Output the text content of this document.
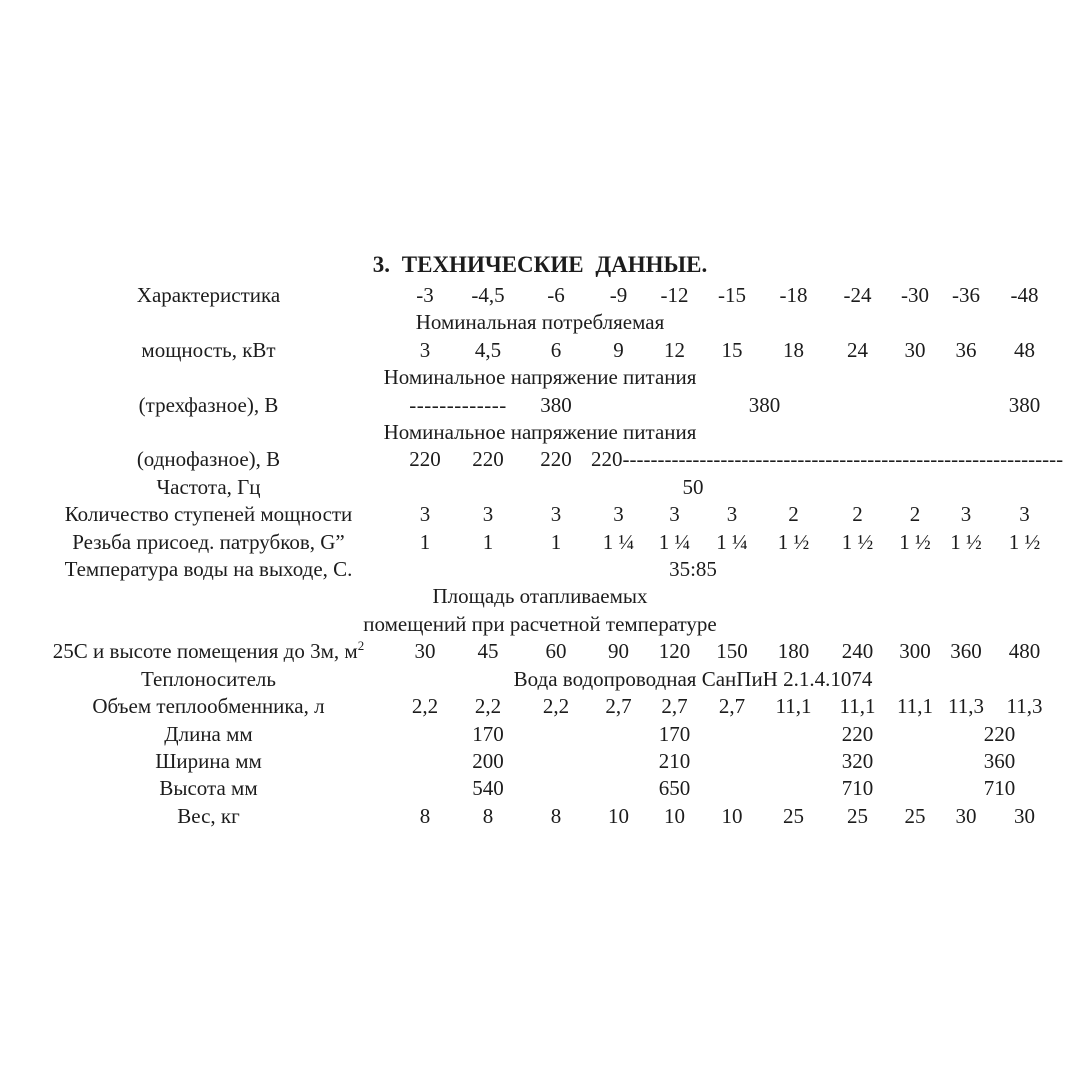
3. ТЕХНИЧЕСКИЕ ДАННЫЕ.
Характеристика	-3	-4,5	-6	-9	-12	-15	-18	-24	-30	-36	-48
Номинальная потребляемая											
мощность, кВт	3	4,5	6	9	12	15	18	24	30	36	48
Номинальное напряжение питания											
(трехфазное), В	-------------		380			380					380
Номинальное напряжение питания											
(однофазное), В	220	220	220	220---------------------------------------------------------------							
Частота, Гц	50										
Количество ступеней мощности	3	3	3	3	3	3	2	2	2	3	3
Резьба присоед. патрубков, G”	1	1	1	1 ¼	1 ¼	1 ¼	1 ½	1 ½	1 ½	1 ½	1 ½
Температура воды на выходе, С.	35:85										
Площадь отапливаемых											
помещений при расчетной температуре											
25С и высоте помещения до 3м, $м^2$	30	45	60	90	120	150	180	240	300	360	480
Теплоноситель	Вода водопроводная СанПиН 2.1.4.1074										
Объем теплообменника, л	2,2	2,2	2,2	2,7	2,7	2,7	11,1	11,1	11,1	11,3	11,3
Длина мм		170			170			220		220	
Ширина мм		200			210			320		360	
Высота мм		540			650			710		710	
Вес, кг	8	8	8	10	10	10	25	25	25	30	30
